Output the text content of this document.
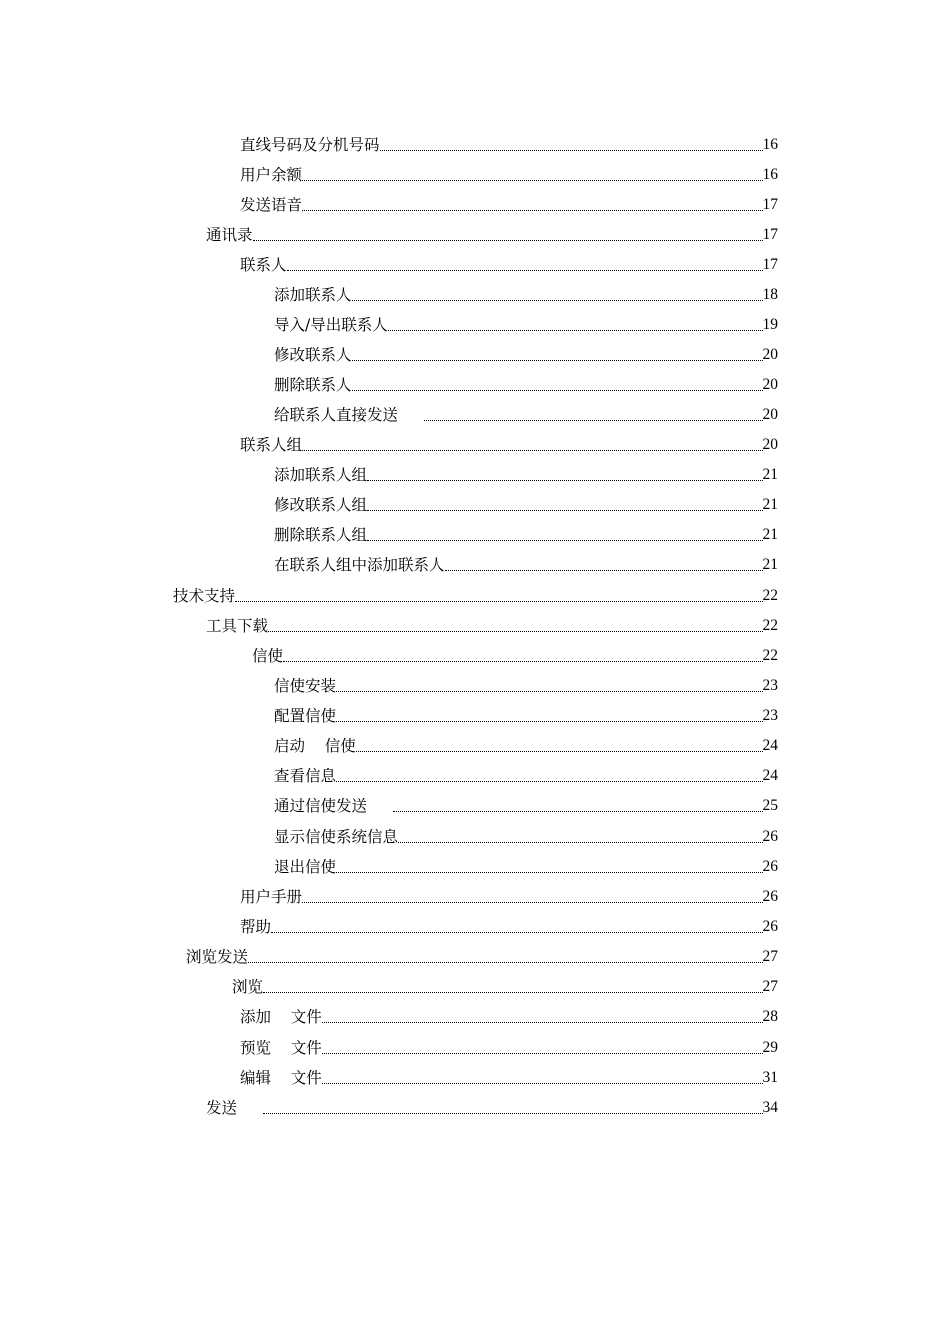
直线号码及分机号码	16
用户余额	16
发送语音	17
通讯录	17
联系人	17
添加联系人	18
导入/导出联系人	19
修改联系人	20
删除联系人	20
给联系人直接发送	20
联系人组	20
添加联系人组	21
修改联系人组	21
删除联系人组	21
在联系人组中添加联系人	21
技术支持	22
工具下载	22
信使	22
信使安装	23
配置信使	23
启动    信使	24
查看信息	24
通过信使发送	25
显示信使系统信息	26
退出信使	26
用户手册	26
帮助	26
浏览发送	27
浏览	27
添加    文件	28
预览    文件	29
编辑    文件	31
发送	34
